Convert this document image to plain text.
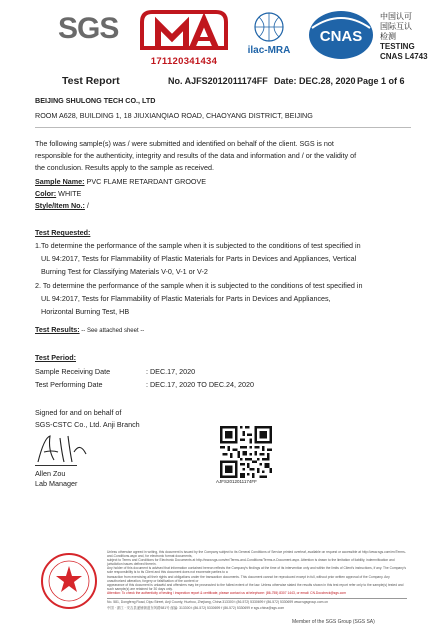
SGS
171120341434
ilac-MRA
CNAS
中国认可
国际互认
检测
TESTING
CNAS L4743
Test Report	No. AJFS2012011174FF Date: DEC.28, 2020 Page 1 of 6
BEIJING SHULONG TECH CO., LTD
ROOM A628, BUILDING 1, 18 JIUXIANQIAO ROAD, CHAOYANG DISTRICT, BEIJING
The following sample(s) was / were submitted and identified on behalf of the client. SGS is not
responsible for the authenticity, integrity and results of the data and information and / or the validity of
the conclusion. Results apply to the sample as received.
Sample Name: PVC FLAME RETARDANT GROOVE
Color: WHITE
Style/Item No.: /
Test Requested:
1.To determine the performance of the sample when it is subjected to the conditions of test specified in
UL 94:2017, Tests for Flammability of Plastic Materials for Parts in Devices and Appliances, Vertical
Burning Test for Classifying Materials V-0, V-1 or V-2
2. To determine the performance of the sample when it is subjected to the conditions of test specified in
UL 94:2017, Tests for Flammability of Plastic Materials for Parts in Devices and Appliances,
Horizontal Burning Test, HB
Test Results: -- See attached sheet --
Test Period:
Sample Receiving Date	: DEC.17, 2020
Test Performing Date	: DEC.17, 2020 TO DEC.24, 2020
Signed for and on behalf of
SGS-CSTC Co., Ltd. Anji Branch
Allen Zou
Lab Manager	AJFS2012011174FF
Unless otherwise agreed in writing, this document is issued by the Company subject to its General Conditions of Service printed overleaf, available on request or accessible at http://www.sgs.com/en/Terms-and-Conditions.aspx and, for electronic format documents,
subject to Terms and Conditions for Electronic Documents at http://www.sgs.com/en/Terms-and-Conditions/Terms-e-Document.aspx. Attention is drawn to the limitation of liability, indemnification and jurisdiction issues defined therein.
Any holder of this document is advised that information contained hereon reflects the Company's findings at the time of its intervention only and within the limits of Client's instructions, if any. The Company's sole responsibility is to its Client and this document does not exonerate parties to a
transaction from exercising all their rights and obligations under the transaction documents. This document cannot be reproduced except in full, without prior written approval of the Company. Any unauthorized alteration, forgery or falsification of the content or
appearance of this document is unlawful and offenders may be prosecuted to the fullest extent of the law. Unless otherwise stated the results shown in this test report refer only to the sample(s) tested and such sample(s) are retained for 30 days only.
Attention: To check the authenticity of testing / inspection report & certificate, please contact us at telephone: (86-755) 8307 1443, or email: CN.Doccheck@sgs.com
No. 581, Dongfeng Road, Dipu Street, Anji County, Huzhou, Zhejiang, China 313300 t (86-572) 5330699 f (86-572) 5330699 www.sgsgroup.com.cn
中国 · 浙江 · 安吉县递铺街道东风路581号 邮编: 313300 t (86-572) 5330699 f (86-572) 5330699 e sgs.china@sgs.com
Member of the SGS Group (SGS SA)
